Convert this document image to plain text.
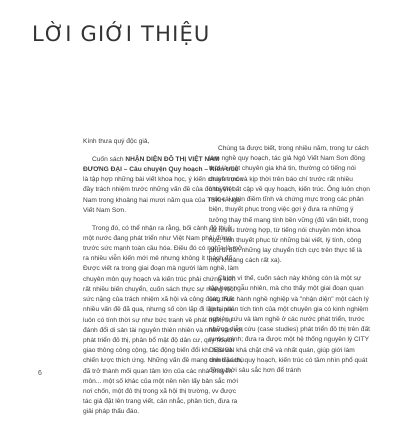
LỜI GIỚI THIỆU

Kính thưa quý độc giả,

Cuốn sách NHẬN DIỆN ĐÔ THỊ VIỆT NAM ĐƯƠNG ĐẠI – Câu chuyện Quy hoạch – Kiến trúc là tập hợp những bài viết khoa học, ý kiến chuyên môn đầy trách nhiệm trước những vấn đề của đô thị Việt Nam trong khoảng hai mươi năm qua của TSKH. Ngô Viết Nam Sơn.

Trong đó, có thể nhận ra rằng, bối cảnh đô thị ở một nước đang phát triển như Việt Nam phải đứng trước sức mạnh toàn cầu hóa. Điều đó có nghĩa là mở ra nhiều viễn kiến mới mẻ nhưng không ít thách đố. Được viết ra trong giai đoạn mà người làm nghề, làm chuyên môn quy hoạch và kiến trúc phải chứng kiến rất nhiều biến chuyển, cuốn sách thực sự mang một sức nặng của trách nhiệm xã hội và công động. Rất nhiều vấn đề đã qua, nhưng số còn lặp đi lặp lại và luôn có tính thời sự như bức tranh về phát triển, sự đánh đổi di sản tài nguyên thiên nhiên và nhân văn với phát triển đô thị, phân bổ mật độ dân cư, quy hoạch giao thông công cộng, tác động biến đổi khí hậu và chiến lược thích ứng. Những vấn đề mang tính đặc thù đã trở thành mối quan tâm lớn của các nhà chuyên môn... một số khác của một nền nền lấy bản sắc mới nơi chốn, một đô thị trong xã hội thị trường, vv được tác giả đặt lên trang viết, cân nhắc, phân tích, đưa ra giải pháp thấu đáo.

Chúng ta được biết, trong nhiều năm, trong tư cách làm nghề quy hoạch, tác giả Ngô Viết Nam Sơn đồng thời là một chuyên gia khá tin, thường có tiếng nói chính trực và kịp thời trên báo chí trước rất nhiều chuyện bất cập về quy hoạch, kiến trúc. Ông luôn chọn một cái nhìn điềm tĩnh và chứng mực trong các phản biện, thuyết phục trong việc gợi ý đưa ra những ý tưởng thay thế mang tính bền vững (đủ vấn biết, trong rất nhiều trường hợp, từ tiếng nói chuyên môn khoa học, tính thuyết phục từ những bài viết, lý tính, công phu đi đến những lay chuyển tích cực trên thực tế là một khoảng cách rất xa).

Chính vì thế, cuốn sách này không còn là một sự tập hợp ngẫu nhiên, mà cho thấy một giai đoạn quan sát, thực hành nghề nghiệp và "nhận diện" một cách lý tính, phân tích tinh của một chuyên gia có kinh nghiệm nghiên cứu và làm nghề ở các nước phát triển, trước những diễn cứu (case studies) phát triển đô thị trên đất nước mình; đưa ra được một hệ thống nguyên lý CITY DESIGN khá chặt chẽ và nhất quán, giúp giới làm chính sách, quy hoạch, kiến trúc có tầm nhìn phổ quát đồng thời sâu sắc hơn để tránh

6
